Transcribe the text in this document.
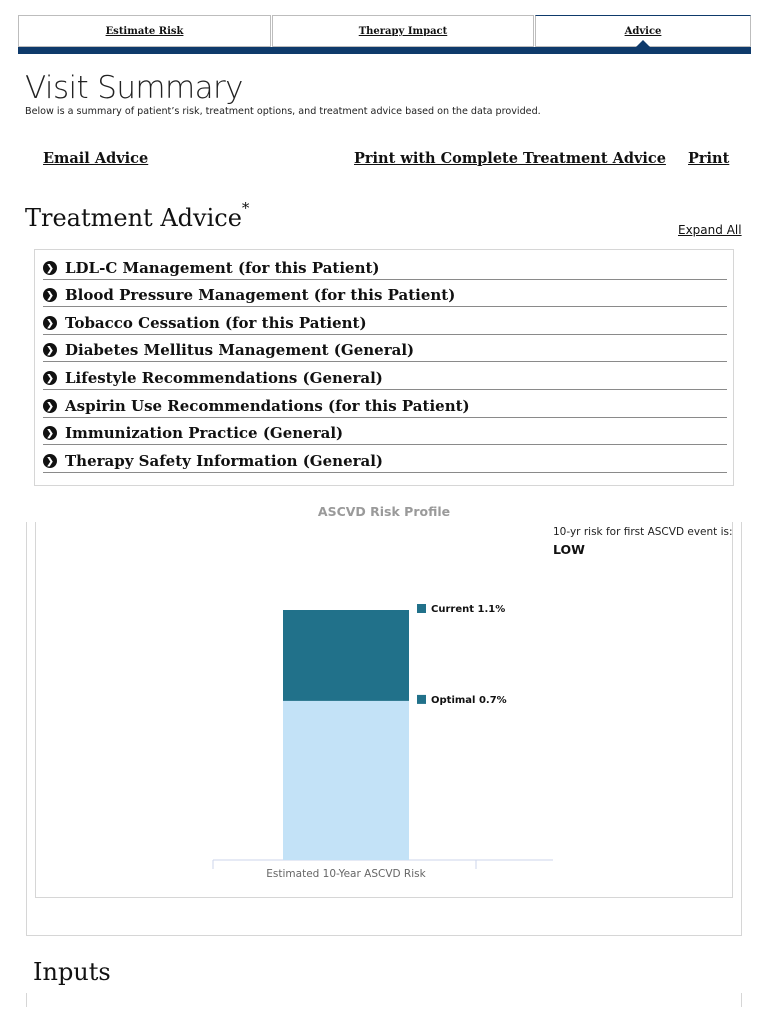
Estimate Risk	Therapy Impact	Advice
Visit Summary
Below is a summary of patient’s risk, treatment options, and treatment advice based on the data provided.
Email Advice	Print with Complete Treatment Advice Print
Treatment Advice*
Expand All
❯ LDL-C Management (for this Patient)
❯ Blood Pressure Management (for this Patient)
❯ Tobacco Cessation (for this Patient)
❯ Diabetes Mellitus Management (General)
❯ Lifestyle Recommendations (General)
❯ Aspirin Use Recommendations (for this Patient)
❯ Immunization Practice (General)
❯ Therapy Safety Information (General)
ASCVD Risk Profile
10-yr risk for first ASCVD event is:
LOW
Current 1.1%
Optimal 0.7%
Estimated 10-Year ASCVD Risk
Inputs
